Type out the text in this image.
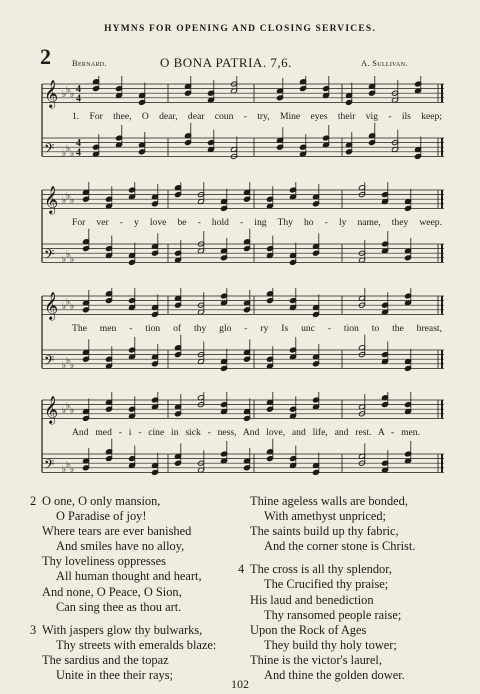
HYMNS FOR OPENING AND CLOSING SERVICES.
2 Bernard.	O BONA PATRIA. 7,6.	A. Sullivan.
𝄞 ♭ ♭ ♭ 4
4
𝄢 ♭ ♭ ♭
4
4
1. For thee, O dear, dear coun - try, Mine eyes their vig - ils keep;
𝄞 ♭ ♭ ♭
𝄢 ♭ ♭ ♭
For ver - y love be - hold - ing Thy ho - ly name, they weep.
𝄞 ♭ ♭ ♭
𝄢 ♭ ♭ ♭
The men - tion of thy glo - ry Is unc - tion to the breast,
𝄞 ♭ ♭ ♭
𝄢 ♭ ♭ ♭
And med - i - cine in sick - ness, And love, and life, and rest. A - men.
2 O one, O only mansion,
O Paradise of joy!
Where tears are ever banished
And smiles have no alloy,
Thy loveliness oppresses
All human thought and heart,
And none, O Peace, O Sion,
Can sing thee as thou art.
3 With jaspers glow thy bulwarks,
Thy streets with emeralds blaze:
The sardius and the topaz
Unite in thee their rays;
Thine ageless walls are bonded,
With amethyst unpriced;
The saints build up thy fabric,
And the corner stone is Christ.
4 The cross is all thy splendor,
The Crucified thy praise;
His laud and benediction
Thy ransomed people raise;
Upon the Rock of Ages
They build thy holy tower;
Thine is the victor's laurel,
And thine the golden dower.
102
